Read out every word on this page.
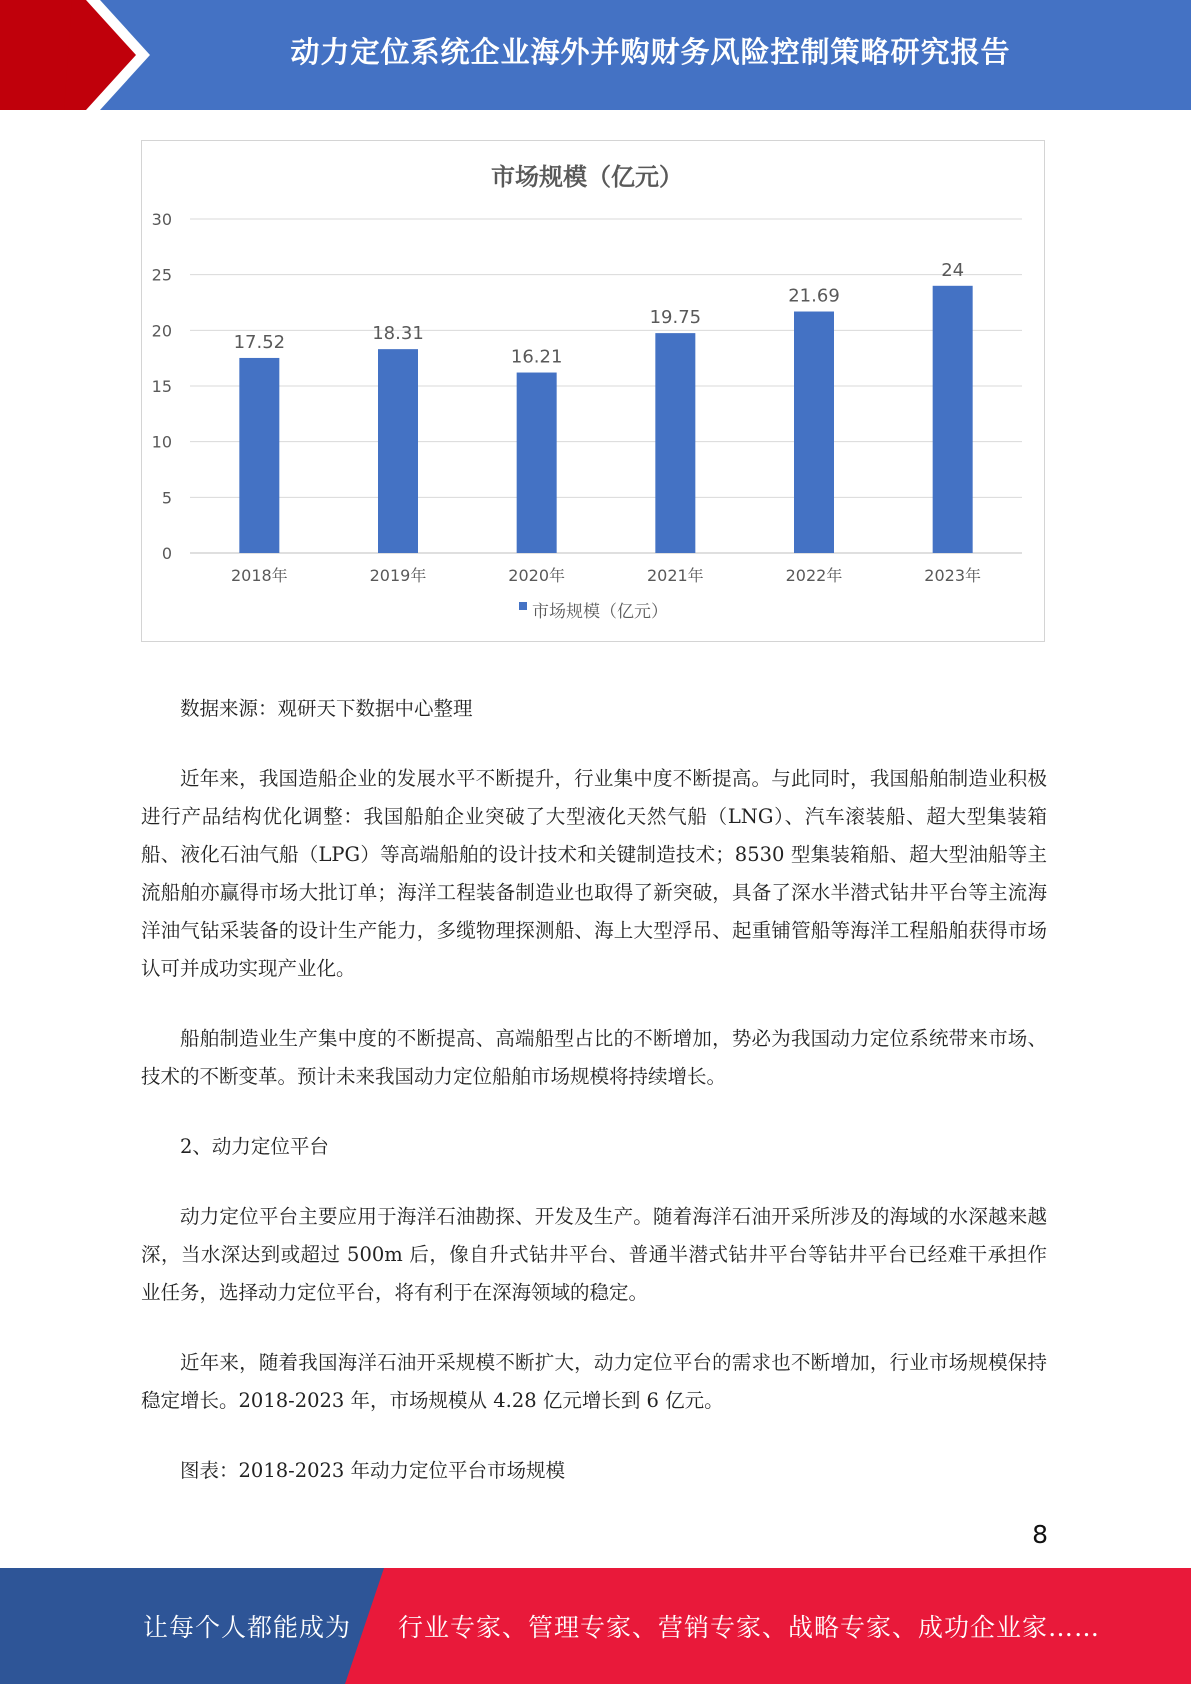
动力定位系统企业海外并购财务风险控制策略研究报告
市场规模（亿元）
0
5
10
15
20
25
30
17.52	18.31
16.21
19.75
21.69
24
2018年	2019年	2020年	2021年	2022年	2023年
市场规模（亿元）

数据来源：观研天下数据中心整理

近年来，我国造船企业的发展水平不断提升，行业集中度不断提高。与此同时，我国船舶制造业积极进行产品结构优化调整：我国船舶企业突破了大型液化天然气船（LNG）、汽车滚装船、超大型集装箱船、液化石油气船（LPG）等高端船舶的设计技术和关键制造技术；8530 型集装箱船、超大型油船等主流船舶亦赢得市场大批订单；海洋工程装备制造业也取得了新突破，具备了深水半潜式钻井平台等主流海洋油气钻采装备的设计生产能力，多缆物理探测船、海上大型浮吊、起重铺管船等海洋工程船舶获得市场认可并成功实现产业化。

船舶制造业生产集中度的不断提高、高端船型占比的不断增加，势必为我国动力定位系统带来市场、技术的不断变革。预计未来我国动力定位船舶市场规模将持续增长。

2、动力定位平台

动力定位平台主要应用于海洋石油勘探、开发及生产。随着海洋石油开采所涉及的海域的水深越来越深，当水深达到或超过 500m 后，像自升式钻井平台、普通半潜式钻井平台等钻井平台已经难干承担作业任务，选择动力定位平台，将有利于在深海领域的稳定。

近年来，随着我国海洋石油开采规模不断扩大，动力定位平台的需求也不断增加，行业市场规模保持稳定增长。2018-2023 年，市场规模从 4.28 亿元增长到 6 亿元。

图表：2018-2023 年动力定位平台市场规模

8
让每个人都能成为 行业专家、管理专家、营销专家、战略专家、成功企业家……
